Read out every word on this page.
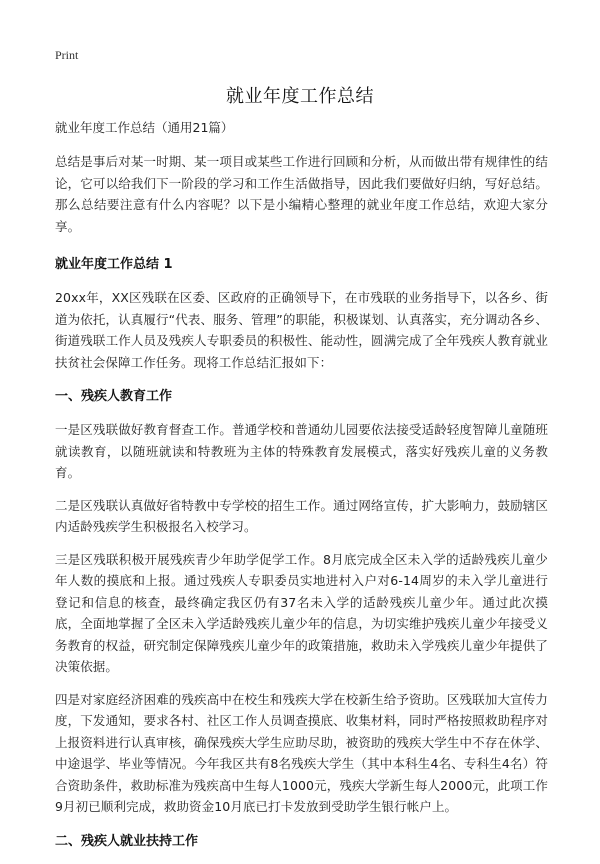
Print
就业年度工作总结
就业年度工作总结（通用21篇）

总结是事后对某一时期、某一项目或某些工作进行回顾和分析，从而做出带有规律性的结论，它可以给我们下一阶段的学习和工作生活做指导，因此我们要做好归纳，写好总结。那么总结要注意有什么内容呢？以下是小编精心整理的就业年度工作总结，欢迎大家分享。

就业年度工作总结 1

20xx年，XX区残联在区委、区政府的正确领导下，在市残联的业务指导下，以各乡、街道为依托，认真履行“代表、服务、管理”的职能，积极谋划、认真落实，充分调动各乡、街道残联工作人员及残疾人专职委员的积极性、能动性，圆满完成了全年残疾人教育就业扶贫社会保障工作任务。现将工作总结汇报如下：

一、残疾人教育工作

一是区残联做好教育督查工作。普通学校和普通幼儿园要依法接受适龄轻度智障儿童随班就读教育，以随班就读和特教班为主体的特殊教育发展模式，落实好残疾儿童的义务教育。

二是区残联认真做好省特教中专学校的招生工作。通过网络宣传，扩大影响力，鼓励辖区内适龄残疾学生积极报名入校学习。

三是区残联积极开展残疾青少年助学促学工作。8月底完成全区未入学的适龄残疾儿童少年人数的摸底和上报。通过残疾人专职委员实地进村入户对6-14周岁的未入学儿童进行登记和信息的核查，最终确定我区仍有37名未入学的适龄残疾儿童少年。通过此次摸底，全面地掌握了全区未入学适龄残疾儿童少年的信息，为切实维护残疾儿童少年接受义务教育的权益，研究制定保障残疾儿童少年的政策措施，救助未入学残疾儿童少年提供了决策依据。

四是对家庭经济困难的残疾高中在校生和残疾大学在校新生给予资助。区残联加大宣传力度，下发通知，要求各村、社区工作人员调查摸底、收集材料，同时严格按照救助程序对上报资料进行认真审核，确保残疾大学生应助尽助，被资助的残疾大学生中不存在休学、中途退学、毕业等情况。今年我区共有8名残疾大学生（其中本科生4名、专科生4名）符合资助条件，救助标准为残疾高中生每人1000元，残疾大学新生每人2000元，此项工作9月初已顺利完成，救助资金10月底已打卡发放到受助学生银行帐户上。

二、残疾人就业扶持工作
